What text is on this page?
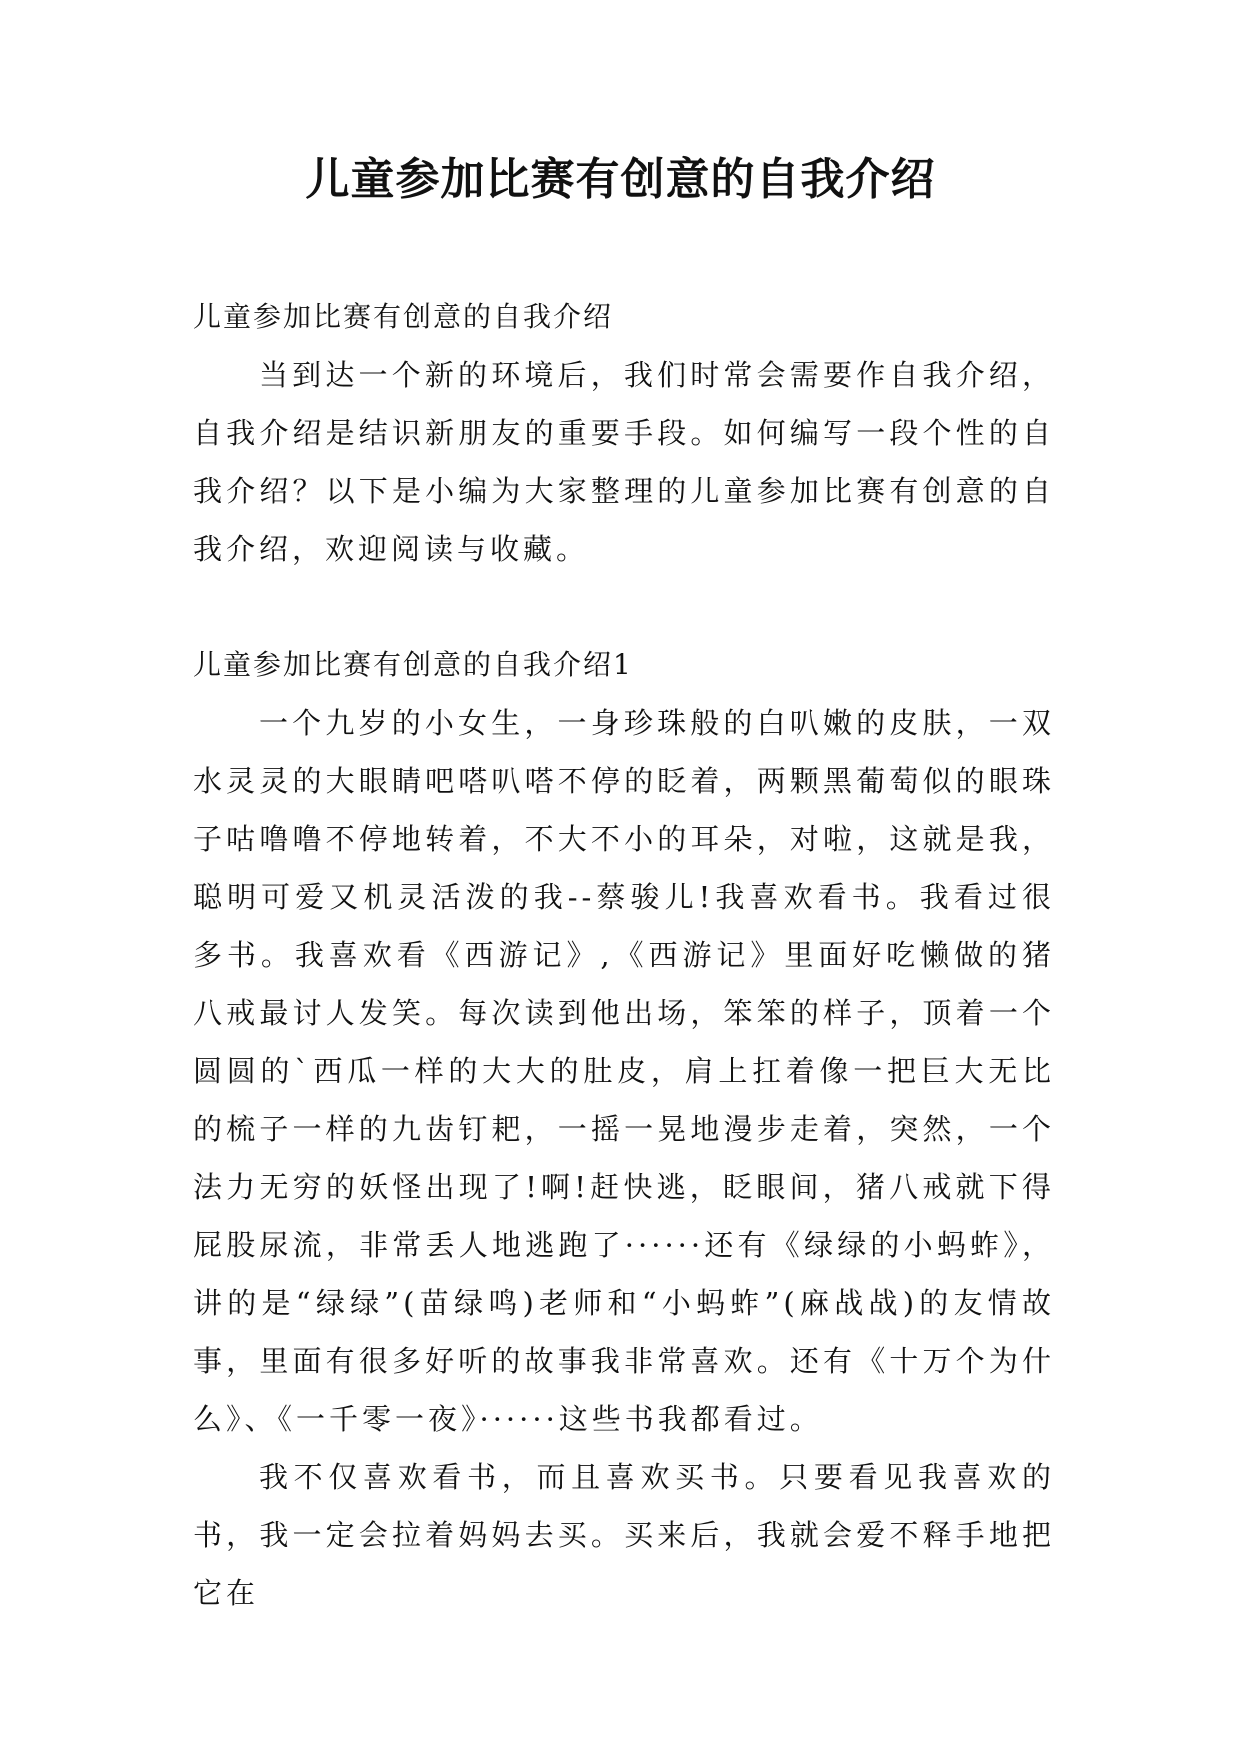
儿童参加比赛有创意的自我介绍

儿童参加比赛有创意的自我介绍

当到达一个新的环境后，我们时常会需要作自我介绍，自我介绍是结识新朋友的重要手段。如何编写一段个性的自我介绍？以下是小编为大家整理的儿童参加比赛有创意的自我介绍，欢迎阅读与收藏。

儿童参加比赛有创意的自我介绍1

一个九岁的小女生，一身珍珠般的白叭嫩的皮肤，一双水灵灵的大眼睛吧嗒叭嗒不停的眨着，两颗黑葡萄似的眼珠子咕噜噜不停地转着，不大不小的耳朵，对啦，这就是我，聪明可爱又机灵活泼的我--蔡骏儿!我喜欢看书。我看过很多书。我喜欢看《西游记》,《西游记》里面好吃懒做的猪八戒最讨人发笑。每次读到他出场，笨笨的样子，顶着一个圆圆的`西瓜一样的大大的肚皮，肩上扛着像一把巨大无比的梳子一样的九齿钉耙，一摇一晃地漫步走着，突然，一个法力无穷的妖怪出现了!啊!赶快逃，眨眼间，猪八戒就下得屁股尿流，非常丢人地逃跑了······还有《绿绿的小蚂蚱》，讲的是“绿绿”(苗绿鸣)老师和“小蚂蚱”(麻战战)的友情故事，里面有很多好听的故事我非常喜欢。还有《十万个为什么》、《一千零一夜》······这些书我都看过。

我不仅喜欢看书，而且喜欢买书。只要看见我喜欢的书，我一定会拉着妈妈去买。买来后，我就会爱不释手地把它在
